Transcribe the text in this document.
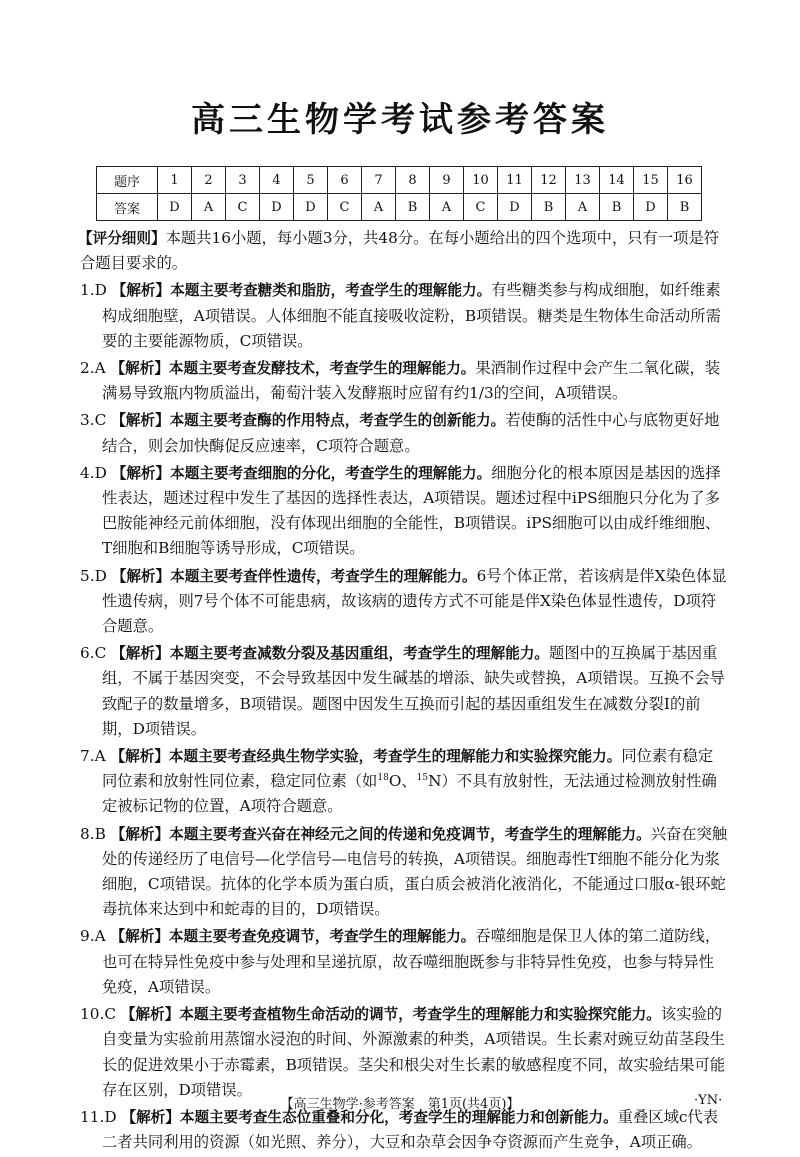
高三生物学考试参考答案
题序	1	2	3	4	5	6	7	8	9	10	11	12	13	14	15	16
答案	D	A	C	D	D	C	A	B	A	C	D	B	A	B	D	B

【评分细则】本题共16小题，每小题3分，共48分。在每小题给出的四个选项中，只有一项是符合题目要求的。

1.D 【解析】本题主要考查糖类和脂肪，考查学生的理解能力。有些糖类参与构成细胞，如纤维素构成细胞壁，A项错误。人体细胞不能直接吸收淀粉，B项错误。糖类是生物体生命活动所需要的主要能源物质，C项错误。

2.A 【解析】本题主要考查发酵技术，考查学生的理解能力。果酒制作过程中会产生二氧化碳，装满易导致瓶内物质溢出，葡萄汁装入发酵瓶时应留有约1/3的空间，A项错误。

3.C 【解析】本题主要考查酶的作用特点，考查学生的创新能力。若使酶的活性中心与底物更好地结合，则会加快酶促反应速率，C项符合题意。

4.D 【解析】本题主要考查细胞的分化，考查学生的理解能力。细胞分化的根本原因是基因的选择性表达，题述过程中发生了基因的选择性表达，A项错误。题述过程中iPS细胞只分化为了多巴胺能神经元前体细胞，没有体现出细胞的全能性，B项错误。iPS细胞可以由成纤维细胞、T细胞和B细胞等诱导形成，C项错误。

5.D 【解析】本题主要考查伴性遗传，考查学生的理解能力。6号个体正常，若该病是伴X染色体显性遗传病，则7号个体不可能患病，故该病的遗传方式不可能是伴X染色体显性遗传，D项符合题意。

6.C 【解析】本题主要考查减数分裂及基因重组，考查学生的理解能力。题图中的互换属于基因重组，不属于基因突变，不会导致基因中发生碱基的增添、缺失或替换，A项错误。互换不会导致配子的数量增多，B项错误。题图中因发生互换而引起的基因重组发生在减数分裂Ⅰ的前期，D项错误。

7.A 【解析】本题主要考查经典生物学实验，考查学生的理解能力和实验探究能力。同位素有稳定同位素和放射性同位素，稳定同位素（如$^{18}$O、$^{15}$N）不具有放射性，无法通过检测放射性确定被标记物的位置，A项符合题意。

8.B 【解析】本题主要考查兴奋在神经元之间的传递和免疫调节，考查学生的理解能力。兴奋在突触处的传递经历了电信号—化学信号—电信号的转换，A项错误。细胞毒性T细胞不能分化为浆细胞，C项错误。抗体的化学本质为蛋白质，蛋白质会被消化液消化，不能通过口服α-银环蛇毒抗体来达到中和蛇毒的目的，D项错误。

9.A 【解析】本题主要考查免疫调节，考查学生的理解能力。吞噬细胞是保卫人体的第二道防线，也可在特异性免疫中参与处理和呈递抗原，故吞噬细胞既参与非特异性免疫，也参与特异性免疫，A项错误。

10.C 【解析】本题主要考查植物生命活动的调节，考查学生的理解能力和实验探究能力。该实验的自变量为实验前用蒸馏水浸泡的时间、外源激素的种类，A项错误。生长素对豌豆幼苗茎段生长的促进效果小于赤霉素，B项错误。茎尖和根尖对生长素的敏感程度不同，故实验结果可能存在区别，D项错误。

11.D 【解析】本题主要考查生态位重叠和分化，考查学生的理解能力和创新能力。重叠区域c代表二者共同利用的资源（如光照、养分），大豆和杂草会因争夺资源而产生竞争，A项正确。

【高三生物学·参考答案　第1页(共4页)】	·YN·
